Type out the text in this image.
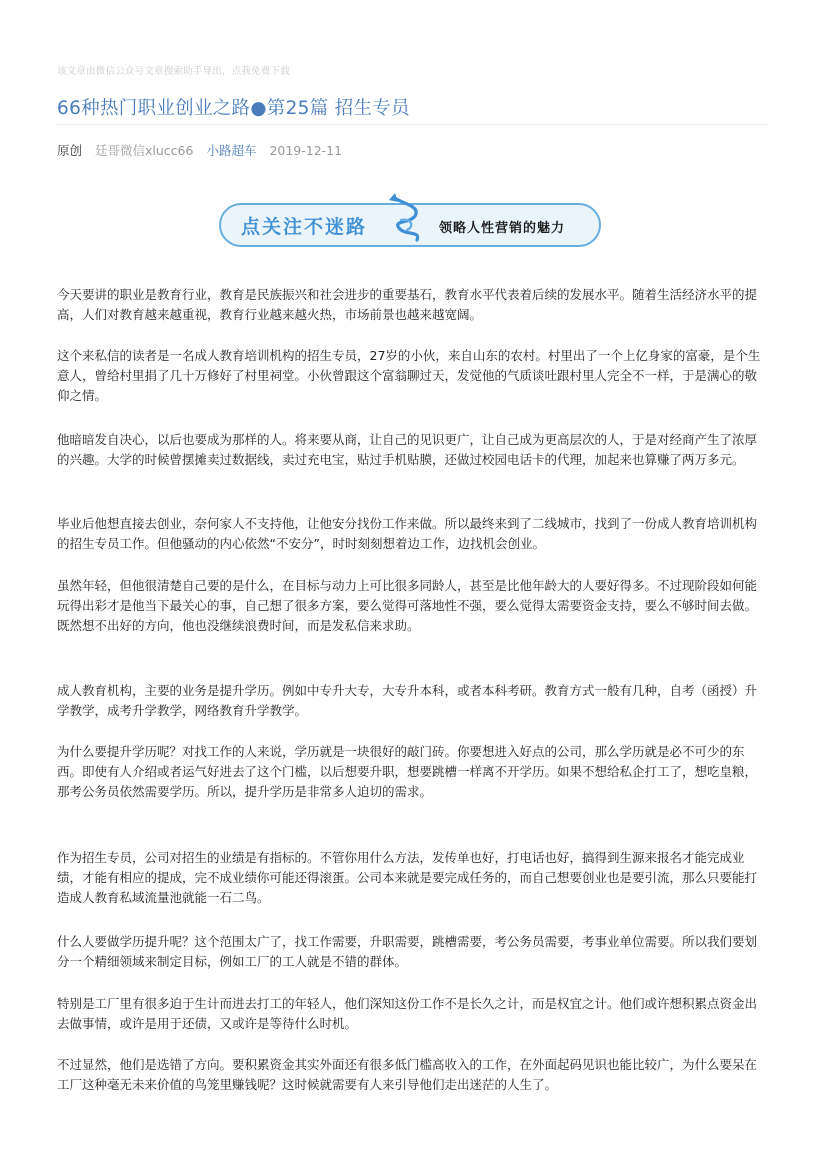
该文章由微信公众号文章搜索助手导出，点我免费下载
66种热门职业创业之路●第25篇 招生专员
原创 廷哥微信xlucc66 小路超车 2019-12-11
点关注不迷路	领略人性营销的魅力

今天要讲的职业是教育行业，教育是民族振兴和社会进步的重要基石，教育水平代表着后续的发展水平。随着生活经济水平的提高，人们对教育越来越重视，教育行业越来越火热，市场前景也越来越宽阔。

这个来私信的读者是一名成人教育培训机构的招生专员，27岁的小伙，来自山东的农村。村里出了一个上亿身家的富豪，是个生意人，曾给村里捐了几十万修好了村里祠堂。小伙曾跟这个富翁聊过天，发觉他的气质谈吐跟村里人完全不一样，于是满心的敬仰之情。

他暗暗发自决心，以后也要成为那样的人。将来要从商，让自己的见识更广，让自己成为更高层次的人，于是对经商产生了浓厚的兴趣。大学的时候曾摆摊卖过数据线，卖过充电宝，贴过手机贴膜，还做过校园电话卡的代理，加起来也算赚了两万多元。

毕业后他想直接去创业，奈何家人不支持他，让他安分找份工作来做。所以最终来到了二线城市，找到了一份成人教育培训机构的招生专员工作。但他骚动的内心依然“不安分”，时时刻刻想着边工作，边找机会创业。

虽然年轻，但他很清楚自己要的是什么，在目标与动力上可比很多同龄人，甚至是比他年龄大的人要好得多。不过现阶段如何能玩得出彩才是他当下最关心的事，自己想了很多方案，要么觉得可落地性不强，要么觉得太需要资金支持，要么不够时间去做。既然想不出好的方向，他也没继续浪费时间，而是发私信来求助。

成人教育机构，主要的业务是提升学历。例如中专升大专，大专升本科，或者本科考研。教育方式一般有几种，自考（函授）升学教学，成考升学教学，网络教育升学教学。

为什么要提升学历呢？对找工作的人来说，学历就是一块很好的敲门砖。你要想进入好点的公司，那么学历就是必不可少的东西。即使有人介绍或者运气好进去了这个门槛，以后想要升职，想要跳槽一样离不开学历。如果不想给私企打工了，想吃皇粮，那考公务员依然需要学历。所以，提升学历是非常多人迫切的需求。

作为招生专员，公司对招生的业绩是有指标的。不管你用什么方法，发传单也好，打电话也好，搞得到生源来报名才能完成业绩，才能有相应的提成，完不成业绩你可能还得滚蛋。公司本来就是要完成任务的，而自己想要创业也是要引流，那么只要能打造成人教育私域流量池就能一石二鸟。

什么人要做学历提升呢？这个范围太广了，找工作需要，升职需要，跳槽需要，考公务员需要，考事业单位需要。所以我们要划分一个精细领域来制定目标，例如工厂的工人就是不错的群体。

特别是工厂里有很多迫于生计而进去打工的年轻人，他们深知这份工作不是长久之计，而是权宜之计。他们或许想积累点资金出去做事情，或许是用于还债，又或许是等待什么时机。

不过显然，他们是选错了方向。要积累资金其实外面还有很多低门槛高收入的工作，在外面起码见识也能比较广，为什么要呆在工厂这种毫无未来价值的鸟笼里赚钱呢？这时候就需要有人来引导他们走出迷茫的人生了。
